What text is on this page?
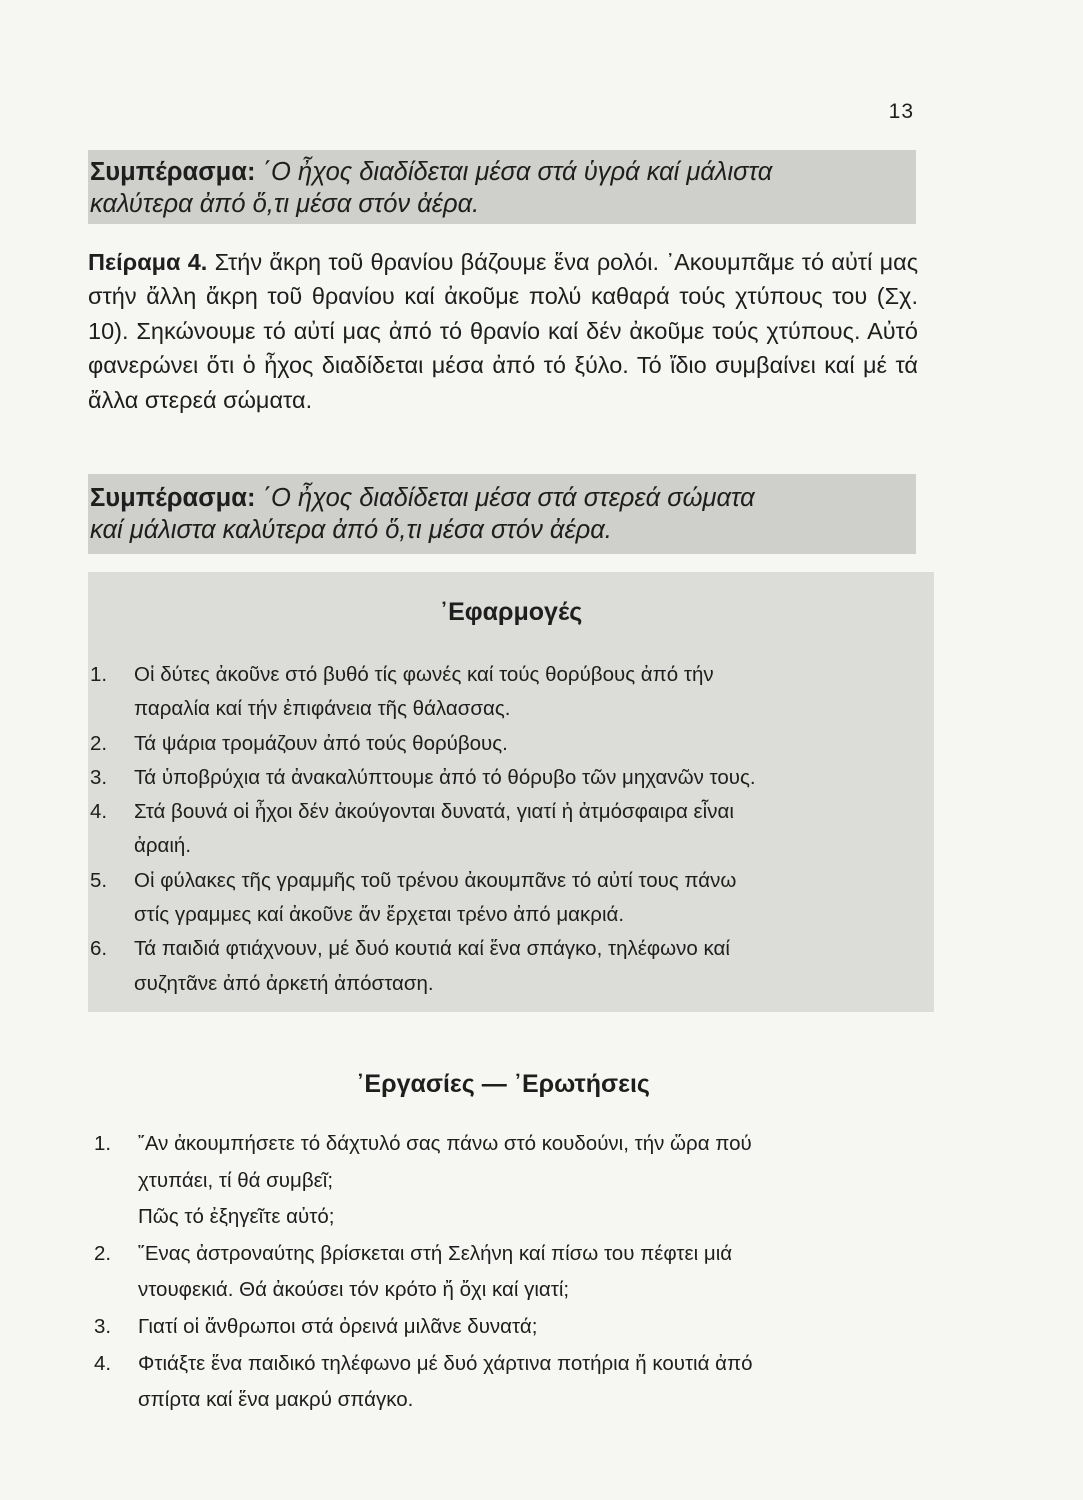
13
Συμπέρασμα: ΄Ο ἦχος διαδίδεται μέσα στά ὑγρά καί μάλιστα
καλύτερα ἀπό ὅ,τι μέσα στόν ἀέρα.
Πείραμα 4. Στήν ἄκρη τοῦ θρανίου βάζουμε ἕνα ρολόι. ᾿Ακουμπᾶμε τό αὐτί μας στήν ἄλλη ἄκρη τοῦ θρανίου καί ἀκοῦμε πολύ καθαρά τούς χτύπους του (Σχ. 10). Σηκώνουμε τό αὐτί μας ἀπό τό θρανίο καί δέν ἀκοῦμε τούς χτύπους. Αὐτό φανερώνει ὅτι ὁ ἦχος διαδίδεται μέσα ἀπό τό ξύλο. Τό ἴδιο συμβαίνει καί μέ τά ἄλλα στερεά σώματα.
Συμπέρασμα: ΄Ο ἦχος διαδίδεται μέσα στά στερεά σώματα
καί μάλιστα καλύτερα ἀπό ὅ,τι μέσα στόν ἀέρα.
᾿Εφαρμογές
1. Οἱ δύτες ἀκοῦνε στό βυθό τίς φωνές καί τούς θορύβους ἀπό τήν
παραλία καί τήν ἐπιφάνεια τῆς θάλασσας.
2. Τά ψάρια τρομάζουν ἀπό τούς θορύβους.
3. Τά ὑποβρύχια τά ἀνακαλύπτουμε ἀπό τό θόρυβο τῶν μηχανῶν τους.
4. Στά βουνά οἱ ἦχοι δέν ἀκούγονται δυνατά, γιατί ἡ ἀτμόσφαιρα εἶναι
ἀραιή.
5. Οἱ φύλακες τῆς γραμμῆς τοῦ τρένου ἀκουμπᾶνε τό αὐτί τους πάνω
στίς γραμμες καί ἀκοῦνε ἄν ἔρχεται τρένο ἀπό μακριά.
6. Τά παιδιά φτιάχνουν, μέ δυό κουτιά καί ἕνα σπάγκο, τηλέφωνο καί
συζητᾶνε ἀπό ἀρκετή ἀπόσταση.
᾿Εργασίες — ᾿Ερωτήσεις
1. ῎Αν ἀκουμπήσετε τό δάχτυλό σας πάνω στό κουδούνι, τήν ὥρα πού
χτυπάει, τί θά συμβεῖ;
Πῶς τό ἐξηγεῖτε αὐτό;
2. ῞Ενας ἀστροναύτης βρίσκεται στή Σελήνη καί πίσω του πέφτει μιά
ντουφεκιά. Θά ἀκούσει τόν κρότο ἤ ὄχι καί γιατί;
3. Γιατί οἱ ἄνθρωποι στά ὀρεινά μιλᾶνε δυνατά;
4. Φτιάξτε ἕνα παιδικό τηλέφωνο μέ δυό χάρτινα ποτήρια ἤ κουτιά ἀπό
σπίρτα καί ἕνα μακρύ σπάγκο.
